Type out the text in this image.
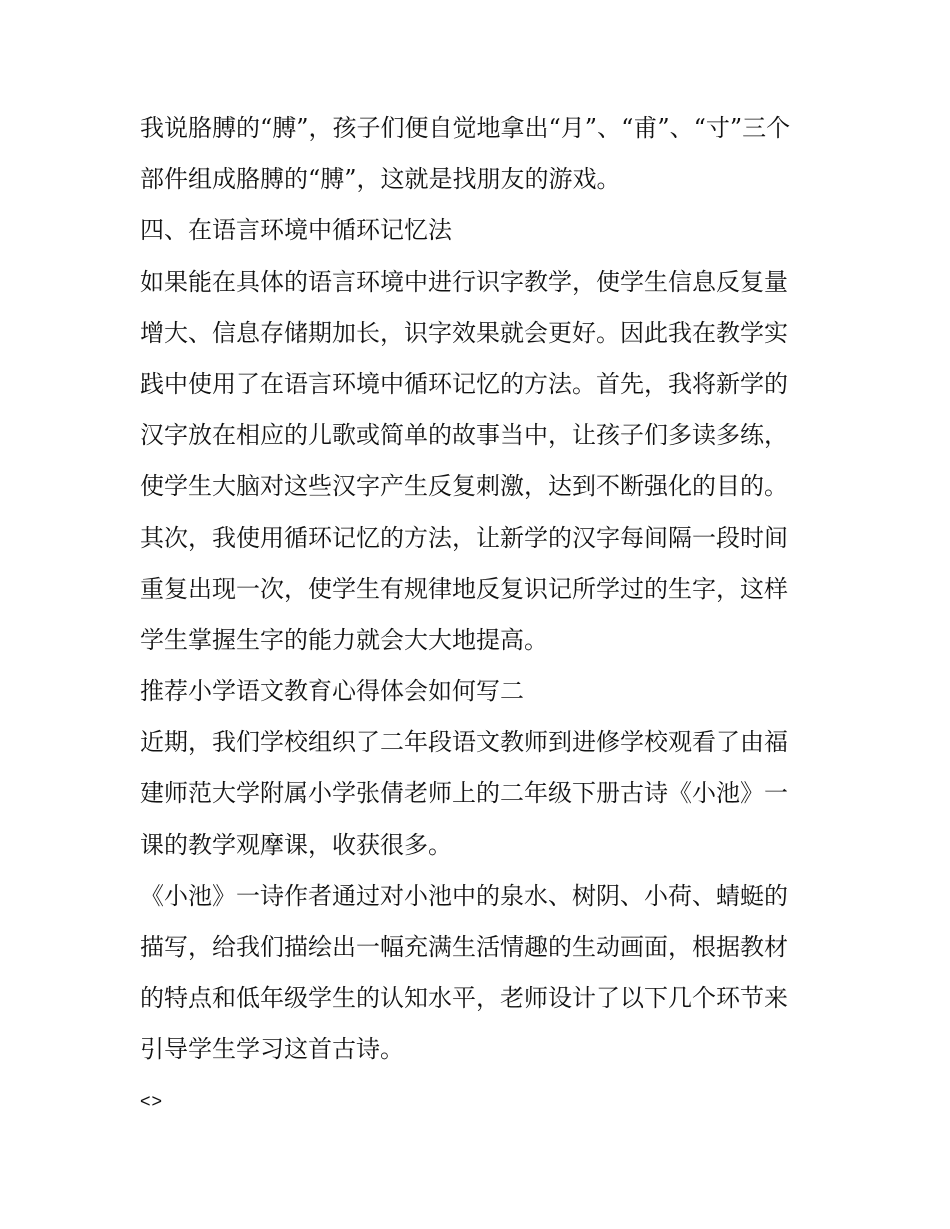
我说胳膊的“膊”，孩子们便自觉地拿出“月”、“甫”、“寸”三个
部件组成胳膊的“膊”，这就是找朋友的游戏。
四、在语言环境中循环记忆法
如果能在具体的语言环境中进行识字教学，使学生信息反复量
增大、信息存储期加长，识字效果就会更好。因此我在教学实
践中使用了在语言环境中循环记忆的方法。首先，我将新学的
汉字放在相应的儿歌或简单的故事当中，让孩子们多读多练，
使学生大脑对这些汉字产生反复刺激，达到不断强化的目的。
其次，我使用循环记忆的方法，让新学的汉字每间隔一段时间
重复出现一次，使学生有规律地反复识记所学过的生字，这样
学生掌握生字的能力就会大大地提高。
推荐小学语文教育心得体会如何写二
近期，我们学校组织了二年段语文教师到进修学校观看了由福
建师范大学附属小学张倩老师上的二年级下册古诗《小池》一
课的教学观摩课，收获很多。
《小池》一诗作者通过对小池中的泉水、树阴、小荷、蜻蜓的
描写，给我们描绘出一幅充满生活情趣的生动画面，根据教材
的特点和低年级学生的认知水平，老师设计了以下几个环节来
引导学生学习这首古诗。
<>
